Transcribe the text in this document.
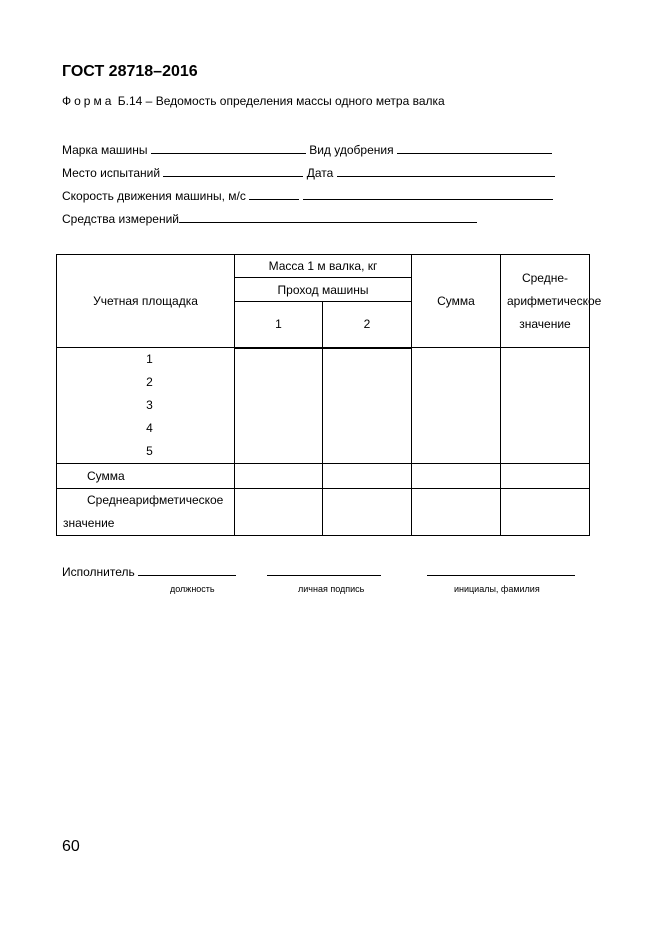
ГОСТ 28718–2016
Форма Б.14 – Ведомость определения массы одного метра валка
Марка машины	Вид удобрения
Место испытаний	Дата
Скорость движения машины, м/с
Средства измерений
Учетная площадка	Масса 1 м валка, кг		Сумма	Средне-арифметическое значение
	Проход машины			
	1	2		

1
2
3
4
5				

Сумма				
Среднеарифметическое значение				
Исполнитель
должность	личная подпись	инициалы, фамилия
60
